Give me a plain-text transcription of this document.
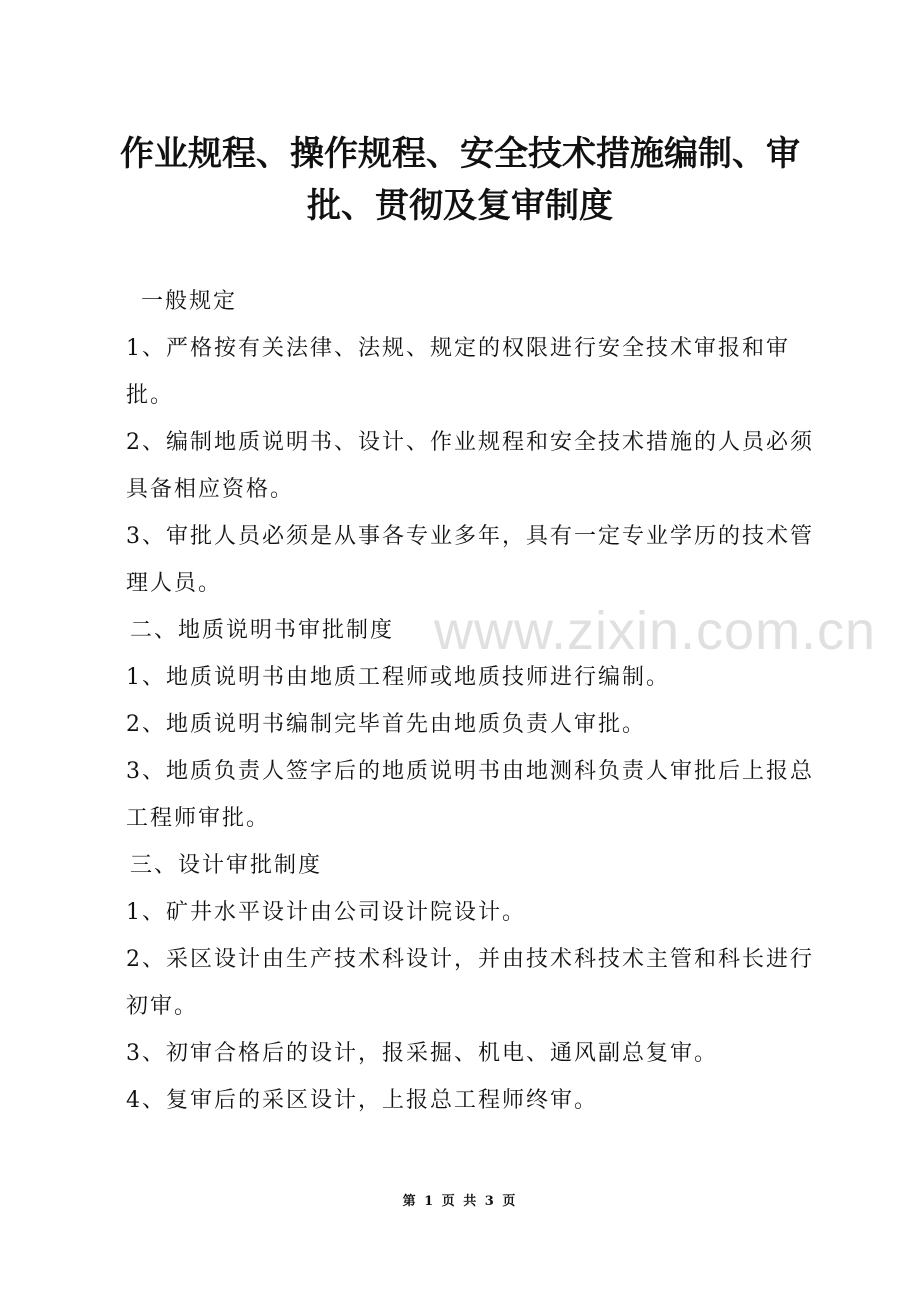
作业规程、操作规程、安全技术措施编制、审
批、贯彻及复审制度

一般规定

1、严格按有关法律、法规、规定的权限进行安全技术审报和审批。

2、编制地质说明书、设计、作业规程和安全技术措施的人员必须具备相应资格。

3、审批人员必须是从事各专业多年，具有一定专业学历的技术管理人员。

二、地质说明书审批制度

1、地质说明书由地质工程师或地质技师进行编制。

2、地质说明书编制完毕首先由地质负责人审批。

3、地质负责人签字后的地质说明书由地测科负责人审批后上报总工程师审批。

三、设计审批制度

1、矿井水平设计由公司设计院设计。

2、采区设计由生产技术科设计，并由技术科技术主管和科长进行初审。

3、初审合格后的设计，报采掘、机电、通风副总复审。

4、复审后的采区设计，上报总工程师终审。

www.zixin.com.cn
第 1 页 共 3 页
